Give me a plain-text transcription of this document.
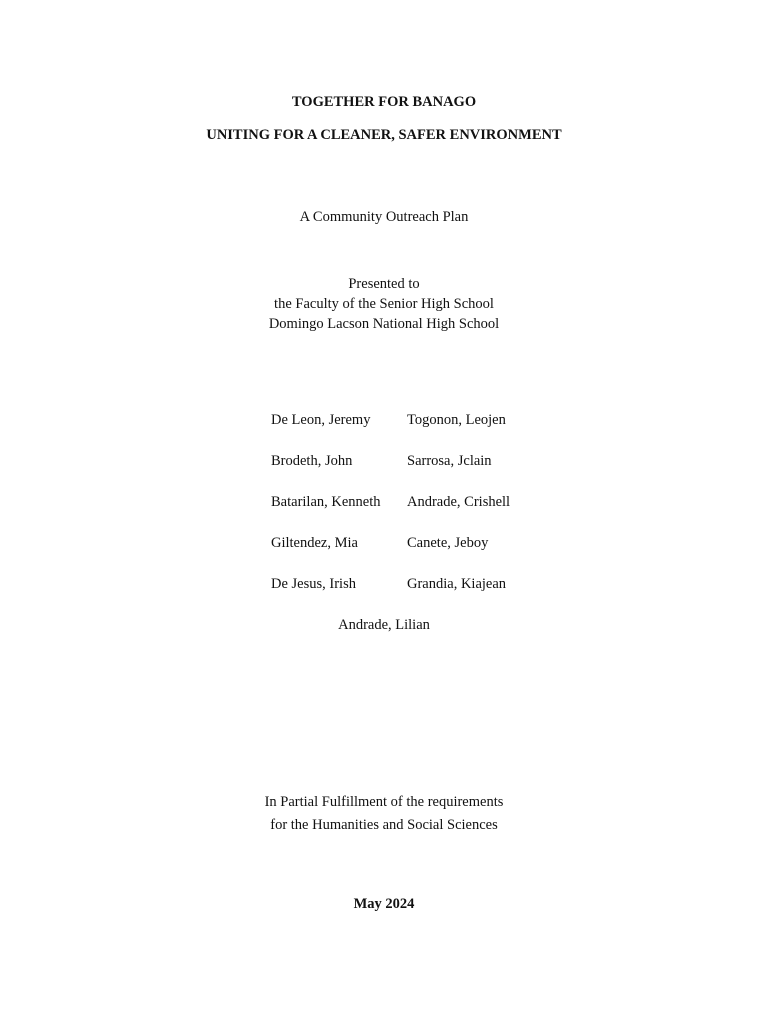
TOGETHER FOR BANAGO
UNITING FOR A CLEANER, SAFER ENVIRONMENT
A Community Outreach Plan
Presented to
the Faculty of the Senior High School
Domingo Lacson National High School
De Leon, Jeremy	Togonon, Leojen
Brodeth, John	Sarrosa, Jclain
Batarilan, Kenneth Andrade, Crishell
Giltendez, Mia	Canete, Jeboy
De Jesus, Irish	Grandia, Kiajean
Andrade, Lilian
In Partial Fulfillment of the requirements
for the Humanities and Social Sciences
May 2024
